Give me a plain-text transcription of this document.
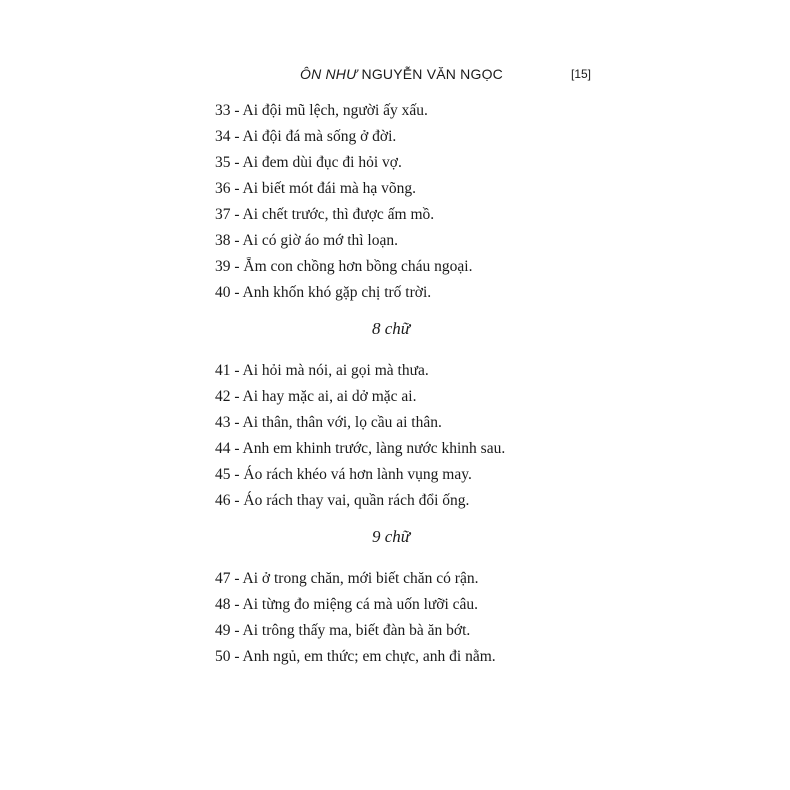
ÔN NHƯ NGUYỄN VĂN NGỌC	[15]
33 - Ai đội mũ lệch, người ấy xấu.
34 - Ai đội đá mà sống ở đời.
35 - Ai đem dùi đục đi hỏi vợ.
36 - Ai biết mót đái mà hạ võng.
37 - Ai chết trước, thì được ấm mồ.
38 - Ai có giờ áo mớ thì loạn.
39 - Ẵm con chồng hơn bồng cháu ngoại.
40 - Anh khốn khó gặp chị trố trời.
8 chữ
41 - Ai hỏi mà nói, ai gọi mà thưa.
42 - Ai hay mặc ai, ai dở mặc ai.
43 - Ai thân, thân với, lọ cầu ai thân.
44 - Anh em khinh trước, làng nước khinh sau.
45 - Áo rách khéo vá hơn lành vụng may.
46 - Áo rách thay vai, quần rách đổi ống.
9 chữ
47 - Ai ở trong chăn, mới biết chăn có rận.
48 - Ai từng đo miệng cá mà uốn lưỡi câu.
49 - Ai trông thấy ma, biết đàn bà ăn bớt.
50 - Anh ngủ, em thức; em chực, anh đi nằm.
